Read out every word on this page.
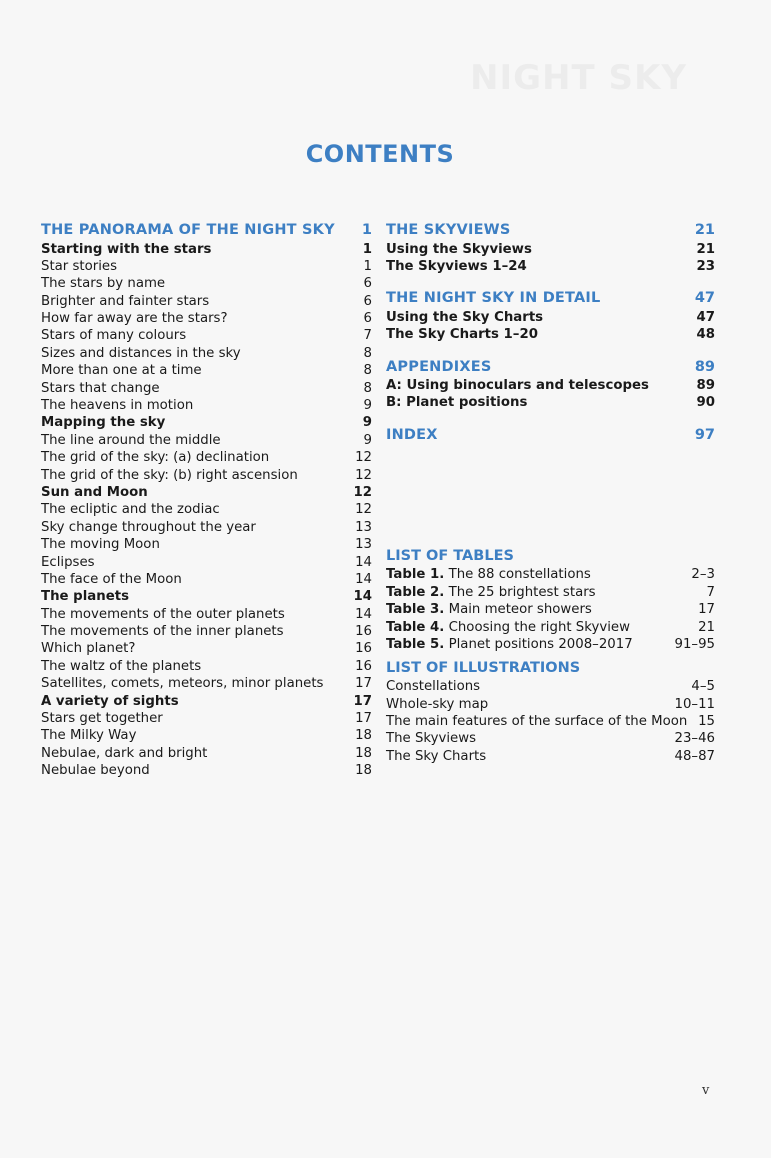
NIGHT SKY
CONTENTS
THE PANORAMA OF THE NIGHT SKY 1
Starting with the stars	1
Star stories	1
The stars by name	6
Brighter and fainter stars	6
How far away are the stars?	6
Stars of many colours	7
Sizes and distances in the sky	8
More than one at a time	8
Stars that change	8
The heavens in motion	9
Mapping the sky	9
The line around the middle	9
The grid of the sky: (a) declination	12
The grid of the sky: (b) right ascension	12
Sun and Moon	12
The ecliptic and the zodiac	12
Sky change throughout the year	13
The moving Moon	13
Eclipses	14
The face of the Moon	14
The planets	14
The movements of the outer planets	14
The movements of the inner planets	16
Which planet?	16
The waltz of the planets	16
Satellites, comets, meteors, minor planets 17
A variety of sights	17
Stars get together	17
The Milky Way	18
Nebulae, dark and bright	18
Nebulae beyond	18
THE SKYVIEWS	21
Using the Skyviews	21
The Skyviews 1–24	23
THE NIGHT SKY IN DETAIL	47
Using the Sky Charts	47
The Sky Charts 1–20	48
APPENDIXES	89
A: Using binoculars and telescopes	89
B: Planet positions	90
INDEX	97
LIST OF TABLES
Table 1. The 88 constellations	2–3
Table 2. The 25 brightest stars	7
Table 3. Main meteor showers	17
Table 4. Choosing the right Skyview	21
Table 5. Planet positions 2008–2017	91–95
LIST OF ILLUSTRATIONS
Constellations	4–5
Whole-sky map	10–11
The main features of the surface of the Moon 15
The Skyviews	23–46
The Sky Charts	48–87
v
